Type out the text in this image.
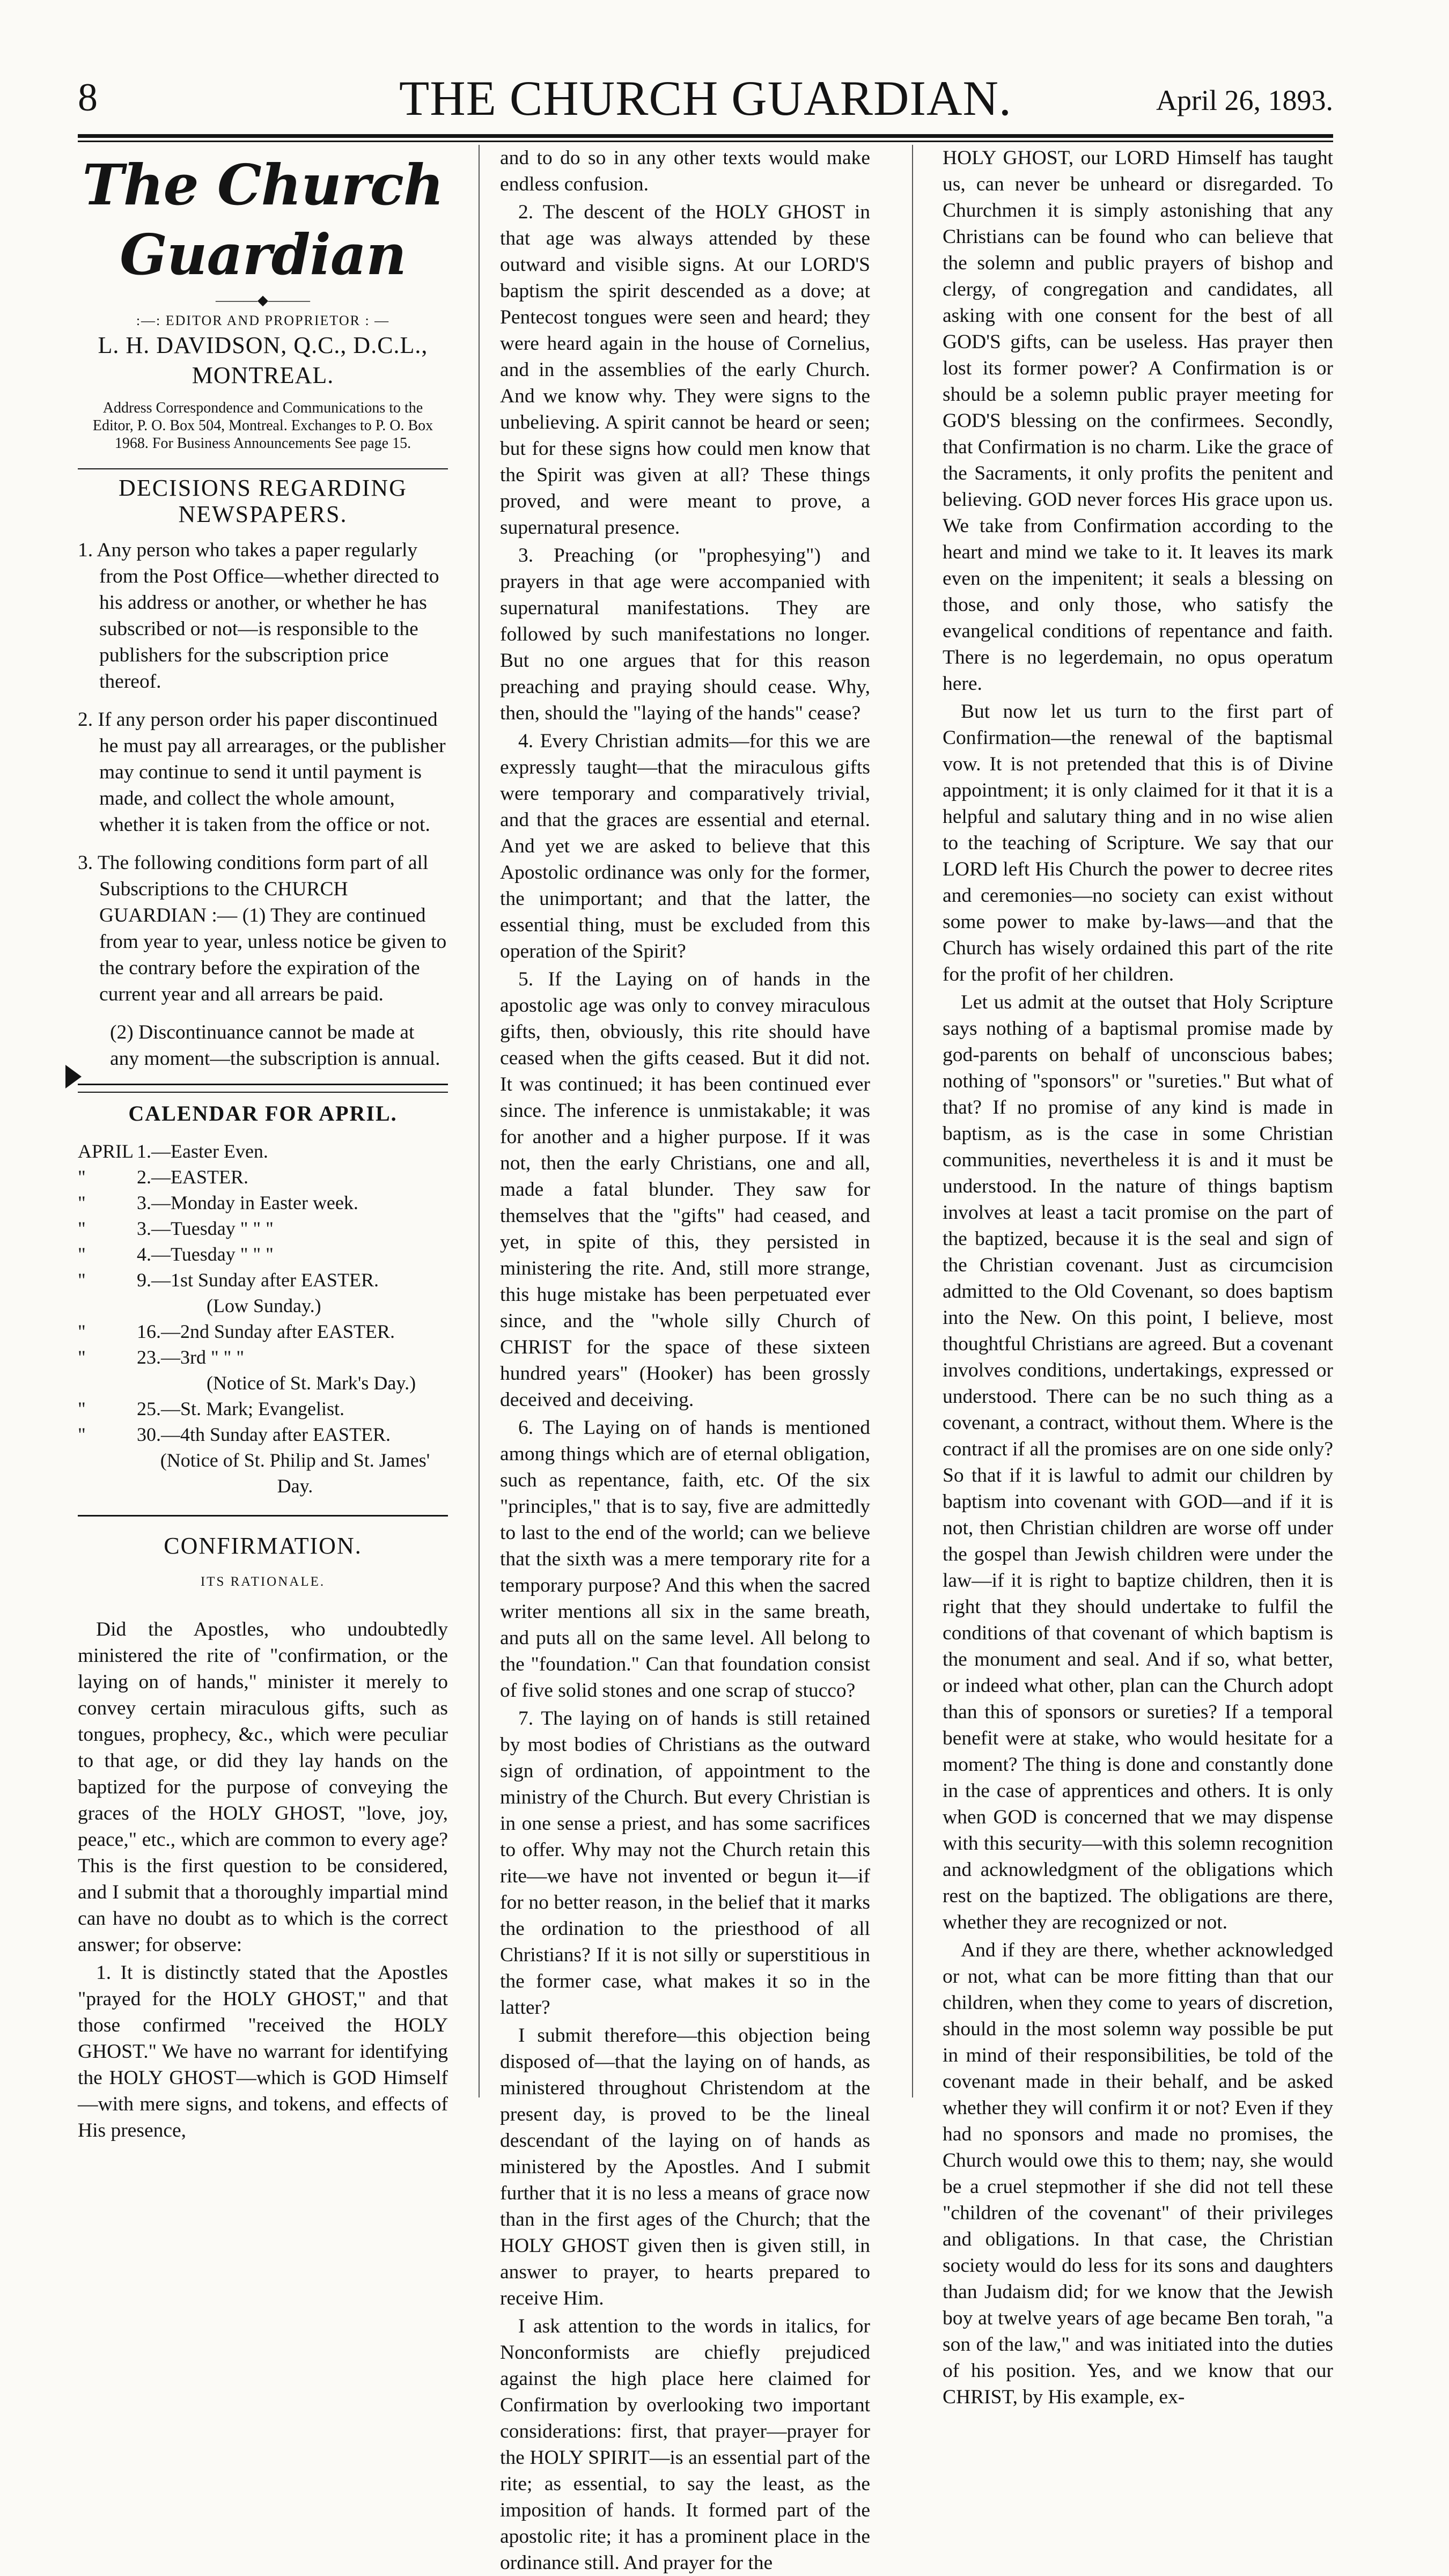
8	THE CHURCH GUARDIAN.	April 26, 1893.
The Church Guardian
———◆———
:—: EDITOR AND PROPRIETOR : —
L. H. DAVIDSON, Q.C., D.C.L., MONTREAL.
Address Correspondence and Communications to the Editor, P. O. Box 504, Montreal. Exchanges to P. O. Box 1968. For Business Announcements See page 15.
DECISIONS REGARDING NEWSPAPERS.
1. Any person who takes a paper regularly from the Post Office—whether directed to his address or another, or whether he has subscribed or not—is responsible to the publishers for the subscription price thereof.
2. If any person order his paper discontinued he must pay all arrearages, or the publisher may continue to send it until payment is made, and collect the whole amount, whether it is taken from the office or not.
3. The following conditions form part of all Subscriptions to the CHURCH GUARDIAN :— (1) They are continued from year to year, unless notice be given to the contrary before the expiration of the current year and all arrears be paid.
(2) Discontinuance cannot be made at any moment—the subscription is annual.
CALENDAR FOR APRIL.
APRIL 1.—Easter Even.
"	2.—EASTER.
"	3.—Monday in Easter week.
"	3.—Tuesday " " "
"	4.—Tuesday " " "
"	9.—1st Sunday after EASTER.
(Low Sunday.)
"	16.—2nd Sunday after EASTER.
"	23.—3rd " " "
(Notice of St. Mark's Day.)
"	25.—St. Mark; Evangelist.
"	30.—4th Sunday after EASTER.
(Notice of St. Philip and St. James' Day.
CONFIRMATION.
ITS RATIONALE.

Did the Apostles, who undoubtedly ministered the rite of "confirmation, or the laying on of hands," minister it merely to convey certain miraculous gifts, such as tongues, prophecy, &c., which were peculiar to that age, or did they lay hands on the baptized for the purpose of conveying the graces of the HOLY GHOST, "love, joy, peace," etc., which are common to every age? This is the first question to be considered, and I submit that a thoroughly impartial mind can have no doubt as to which is the correct answer; for observe:

1. It is distinctly stated that the Apostles "prayed for the HOLY GHOST," and that those confirmed "received the HOLY GHOST." We have no warrant for identifying the HOLY GHOST—which is GOD Himself—with mere signs, and tokens, and effects of His presence,

and to do so in any other texts would make endless confusion.

2. The descent of the HOLY GHOST in that age was always attended by these outward and visible signs. At our LORD'S baptism the spirit descended as a dove; at Pentecost tongues were seen and heard; they were heard again in the house of Cornelius, and in the assemblies of the early Church. And we know why. They were signs to the unbelieving. A spirit cannot be heard or seen; but for these signs how could men know that the Spirit was given at all? These things proved, and were meant to prove, a supernatural presence.

3. Preaching (or "prophesying") and prayers in that age were accompanied with supernatural manifestations. They are followed by such manifestations no longer. But no one argues that for this reason preaching and praying should cease. Why, then, should the "laying of the hands" cease?

4. Every Christian admits—for this we are expressly taught—that the miraculous gifts were temporary and comparatively trivial, and that the graces are essential and eternal. And yet we are asked to believe that this Apostolic ordinance was only for the former, the unimportant; and that the latter, the essential thing, must be excluded from this operation of the Spirit?

5. If the Laying on of hands in the apostolic age was only to convey miraculous gifts, then, obviously, this rite should have ceased when the gifts ceased. But it did not. It was continued; it has been continued ever since. The inference is unmistakable; it was for another and a higher purpose. If it was not, then the early Christians, one and all, made a fatal blunder. They saw for themselves that the "gifts" had ceased, and yet, in spite of this, they persisted in ministering the rite. And, still more strange, this huge mistake has been perpetuated ever since, and the "whole silly Church of CHRIST for the space of these sixteen hundred years" (Hooker) has been grossly deceived and deceiving.

6. The Laying on of hands is mentioned among things which are of eternal obligation, such as repentance, faith, etc. Of the six "principles," that is to say, five are admittedly to last to the end of the world; can we believe that the sixth was a mere temporary rite for a temporary purpose? And this when the sacred writer mentions all six in the same breath, and puts all on the same level. All belong to the "foundation." Can that foundation consist of five solid stones and one scrap of stucco?

7. The laying on of hands is still retained by most bodies of Christians as the outward sign of ordination, of appointment to the ministry of the Church. But every Christian is in one sense a priest, and has some sacrifices to offer. Why may not the Church retain this rite—we have not invented or begun it—if for no better reason, in the belief that it marks the ordination to the priesthood of all Christians? If it is not silly or superstitious in the former case, what makes it so in the latter?

I submit therefore—this objection being disposed of—that the laying on of hands, as ministered throughout Christendom at the present day, is proved to be the lineal descendant of the laying on of hands as ministered by the Apostles. And I submit further that it is no less a means of grace now than in the first ages of the Church; that the HOLY GHOST given then is given still, in answer to prayer, to hearts prepared to receive Him.

I ask attention to the words in italics, for Nonconformists are chiefly prejudiced against the high place here claimed for Confirmation by overlooking two important considerations: first, that prayer—prayer for the HOLY SPIRIT—is an essential part of the rite; as essential, to say the least, as the imposition of hands. It formed part of the apostolic rite; it has a prominent place in the ordinance still. And prayer for the

HOLY GHOST, our LORD Himself has taught us, can never be unheard or disregarded. To Churchmen it is simply astonishing that any Christians can be found who can believe that the solemn and public prayers of bishop and clergy, of congregation and candidates, all asking with one consent for the best of all GOD'S gifts, can be useless. Has prayer then lost its former power? A Confirmation is or should be a solemn public prayer meeting for GOD'S blessing on the confirmees. Secondly, that Confirmation is no charm. Like the grace of the Sacraments, it only profits the penitent and believing. GOD never forces His grace upon us. We take from Confirmation according to the heart and mind we take to it. It leaves its mark even on the impenitent; it seals a blessing on those, and only those, who satisfy the evangelical conditions of repentance and faith. There is no legerdemain, no opus operatum here.

But now let us turn to the first part of Confirmation—the renewal of the baptismal vow. It is not pretended that this is of Divine appointment; it is only claimed for it that it is a helpful and salutary thing and in no wise alien to the teaching of Scripture. We say that our LORD left His Church the power to decree rites and ceremonies—no society can exist without some power to make by-laws—and that the Church has wisely ordained this part of the rite for the profit of her children.

Let us admit at the outset that Holy Scripture says nothing of a baptismal promise made by god-parents on behalf of unconscious babes; nothing of "sponsors" or "sureties." But what of that? If no promise of any kind is made in baptism, as is the case in some Christian communities, nevertheless it is and it must be understood. In the nature of things baptism involves at least a tacit promise on the part of the baptized, because it is the seal and sign of the Christian covenant. Just as circumcision admitted to the Old Covenant, so does baptism into the New. On this point, I believe, most thoughtful Christians are agreed. But a covenant involves conditions, undertakings, expressed or understood. There can be no such thing as a covenant, a contract, without them. Where is the contract if all the promises are on one side only? So that if it is lawful to admit our children by baptism into covenant with GOD—and if it is not, then Christian children are worse off under the gospel than Jewish children were under the law—if it is right to baptize children, then it is right that they should undertake to fulfil the conditions of that covenant of which baptism is the monument and seal. And if so, what better, or indeed what other, plan can the Church adopt than this of sponsors or sureties? If a temporal benefit were at stake, who would hesitate for a moment? The thing is done and constantly done in the case of apprentices and others. It is only when GOD is concerned that we may dispense with this security—with this solemn recognition and acknowledgment of the obligations which rest on the baptized. The obligations are there, whether they are recognized or not.

And if they are there, whether acknowledged or not, what can be more fitting than that our children, when they come to years of discretion, should in the most solemn way possible be put in mind of their responsibilities, be told of the covenant made in their behalf, and be asked whether they will confirm it or not? Even if they had no sponsors and made no promises, the Church would owe this to them; nay, she would be a cruel stepmother if she did not tell these "children of the covenant" of their privileges and obligations. In that case, the Christian society would do less for its sons and daughters than Judaism did; for we know that the Jewish boy at twelve years of age became Ben torah, "a son of the law," and was initiated into the duties of his position. Yes, and we know that our CHRIST, by His example, ex-
